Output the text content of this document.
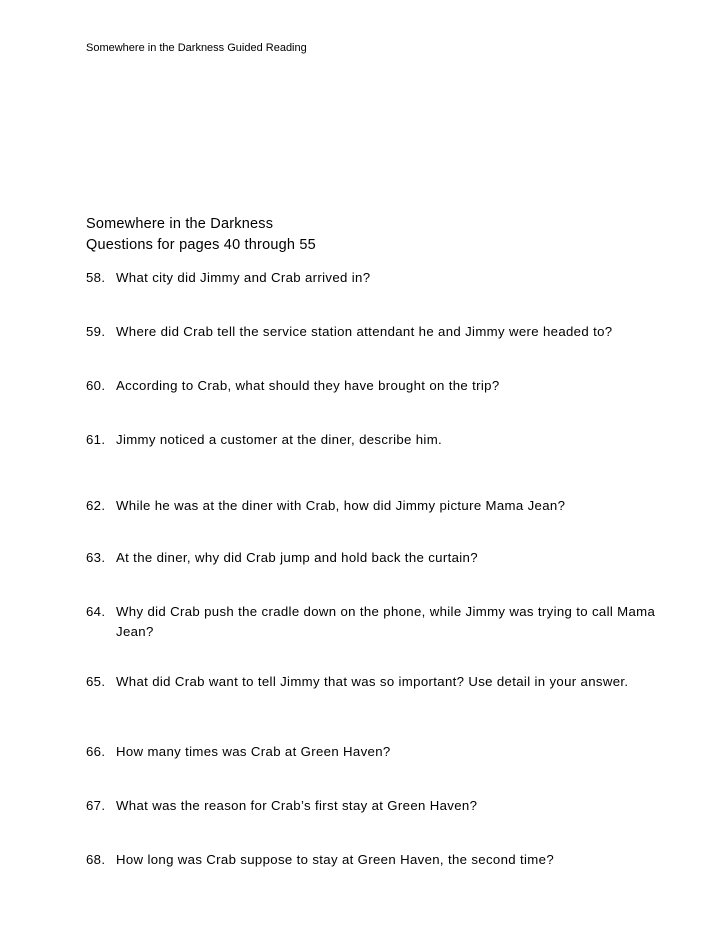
Somewhere in the Darkness Guided Reading
Somewhere in the Darkness
Questions for pages 40 through 55
58. What city did Jimmy and Crab arrived in?
59. Where did Crab tell the service station attendant he and Jimmy were headed to?
60. According to Crab, what should they have brought on the trip?
61. Jimmy noticed a customer at the diner, describe him.
62. While he was at the diner with Crab, how did Jimmy picture Mama Jean?
63. At the diner, why did Crab jump and hold back the curtain?
64. Why did Crab push the cradle down on the phone, while Jimmy was trying to call Mama Jean?
65. What did Crab want to tell Jimmy that was so important? Use detail in your answer.
66. How many times was Crab at Green Haven?
67. What was the reason for Crab’s first stay at Green Haven?
68. How long was Crab suppose to stay at Green Haven, the second time?
